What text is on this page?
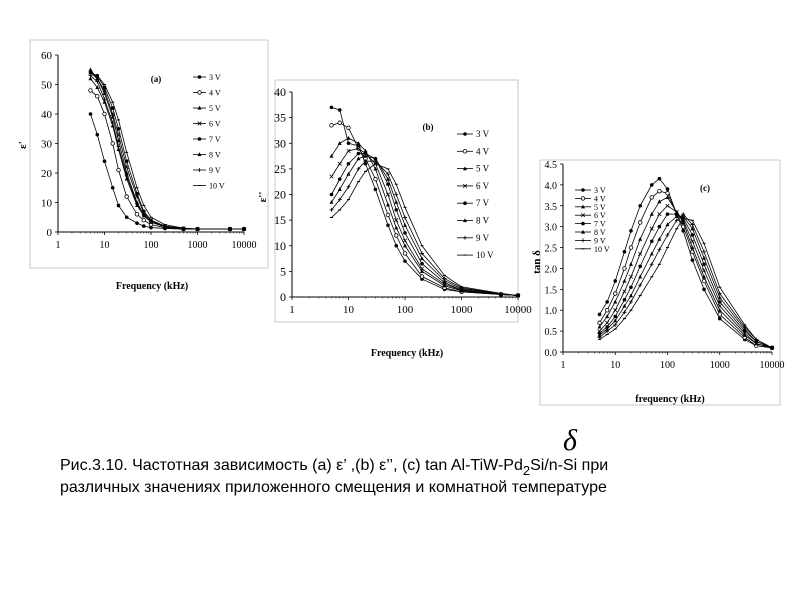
0
10
20
30
40
50
60
1	10	100	1000 10000
Frequency (kHz)
ε'
(a)	3 V
4 V
5 V
6 V
7 V
8 V
9 V
10 V
0
5
10
15
20
25
30
35
40
1	10	100	1000	10000
Frequency (kHz)
ε''
(b)
3 V
4 V
5 V
6 V
7 V
8 V
9 V
10 V
0.0
0.5
1.0
1.5
2.0
2.5
3.0
3.5
4.0
4.5
1	10	100	1000	10000
frequency (kHz)
tan δ
(c)
3 V
4 V
5 V
6 V
7 V
8 V
9 V
10 V
δ
Рис.3.10. Частотная зависимость (a) ε’ ,(b) ε’’, (c) $\tan Al-TiW-Pd_2Si/n-Si$ при
различных значениях приложенного смещения и комнатной температуре
